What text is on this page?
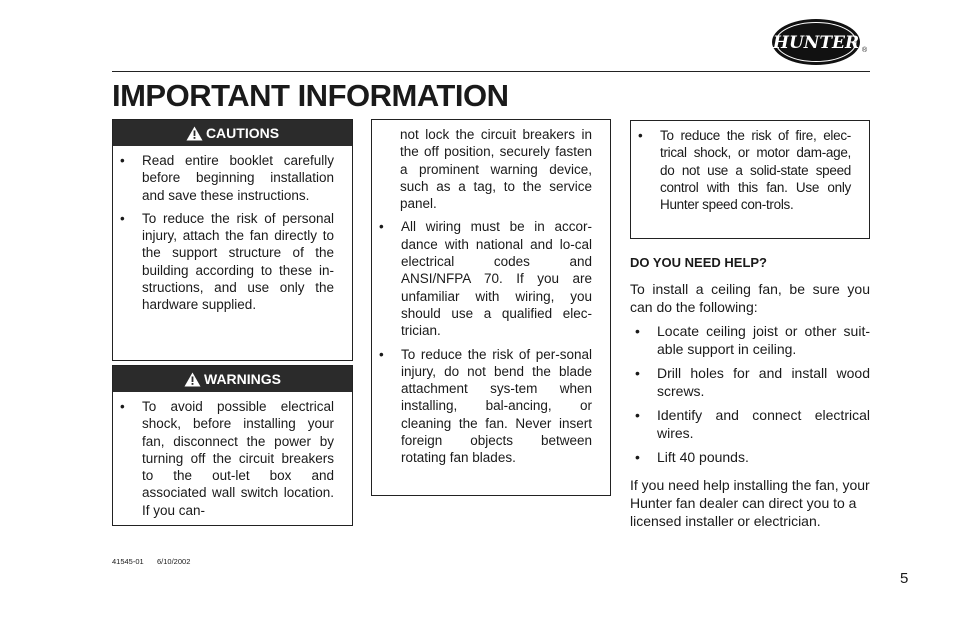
HUNTER ®
IMPORTANT INFORMATION
CAUTIONS
• Read entire booklet carefully before beginning installation and save these instructions.
• To reduce the risk of personal injury, attach the fan directly to the support structure of the building according to these in-structions, and use only the hardware supplied.
WARNINGS
• To avoid possible electrical shock, before installing your fan, disconnect the power by turning off the circuit breakers to the out-let box and associated wall switch location. If you can-

not lock the circuit breakers in the off position, securely fasten a prominent warning device, such as a tag, to the service panel.

• All wiring must be in accor-dance with national and lo-cal electrical codes and ANSI/NFPA 70. If you are unfamiliar with wiring, you should use a qualified elec-trician.
• To reduce the risk of per-sonal injury, do not bend the blade attachment sys-tem when installing, bal-ancing, or cleaning the fan. Never insert foreign objects between rotating fan blades.
• To reduce the risk of fire, elec-trical shock, or motor dam-age, do not use a solid-state speed control with this fan. Use only Hunter speed con-trols.
DO YOU NEED HELP?

To install a ceiling fan, be sure you can do the following:

• Locate ceiling joist or other suit-able support in ceiling.
• Drill holes for and install wood screws.
• Identify and connect electrical wires.
• Lift 40 pounds.

If you need help installing the fan, your Hunter fan dealer can direct you to a licensed installer or electrician.

41545-01 6/10/2002
5
